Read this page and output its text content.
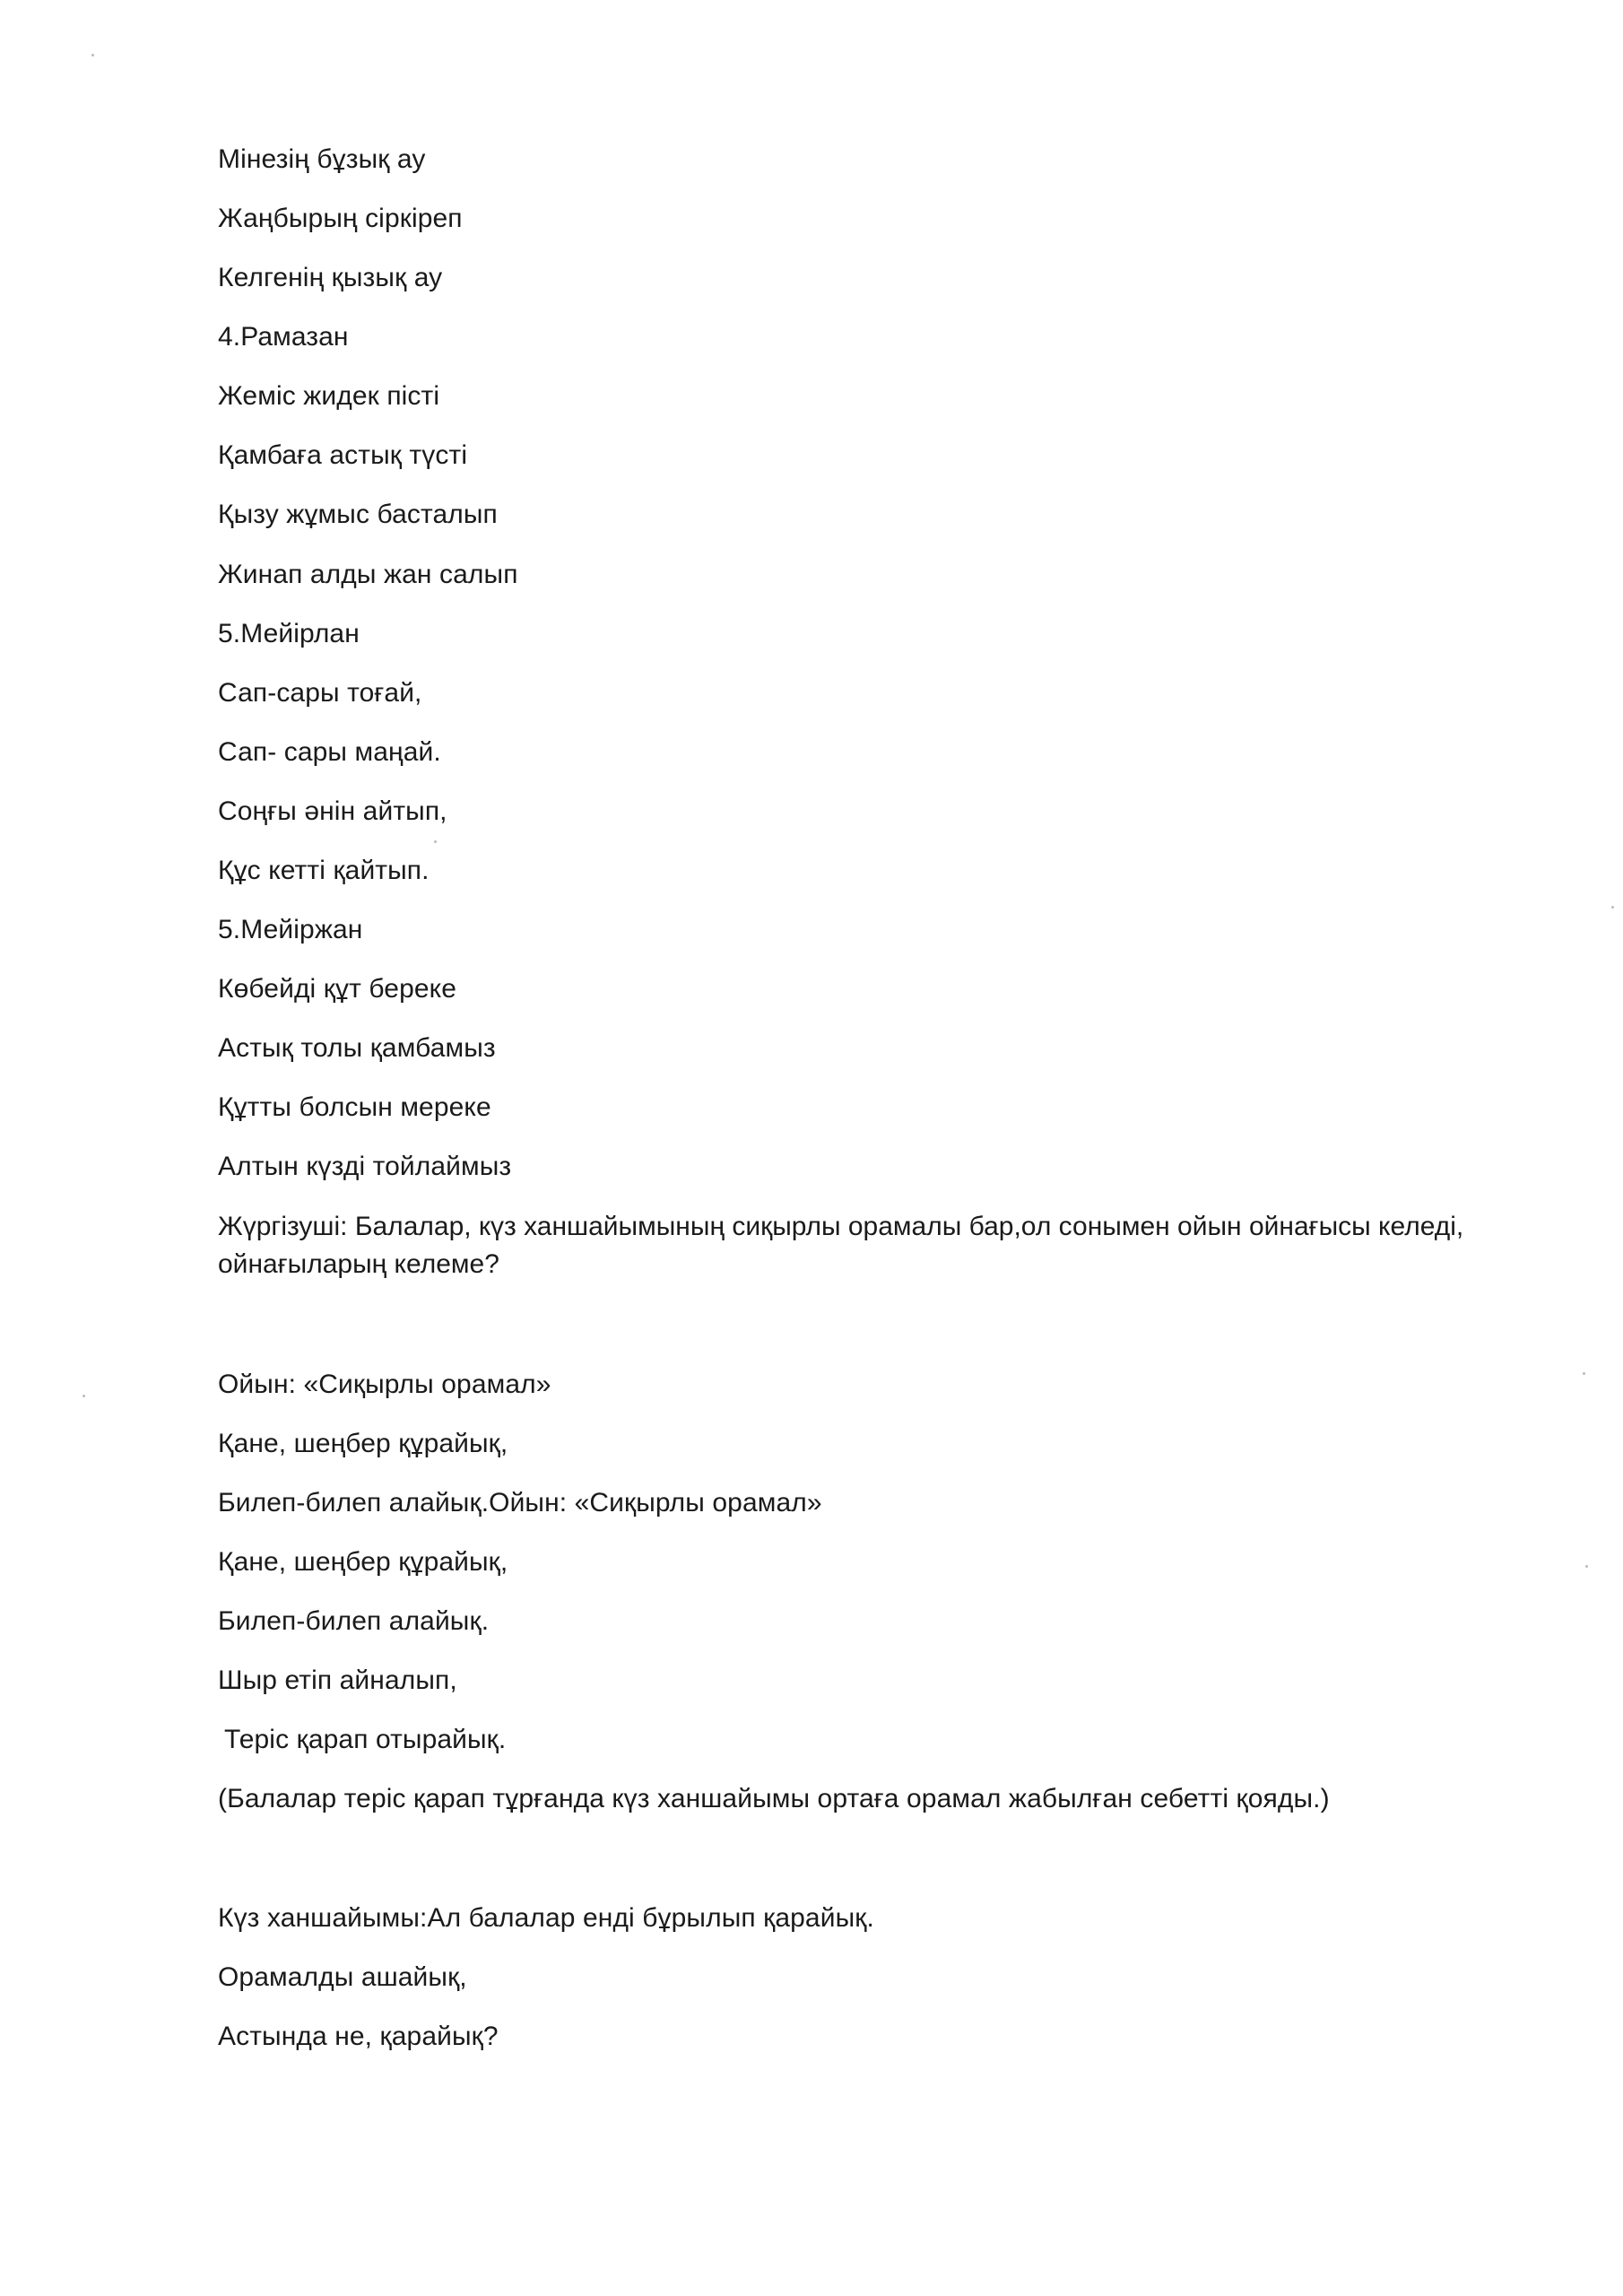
Мінезің бұзық ау

Жаңбырың сіркіреп

Келгенің қызық ау

4.Рамазан

Жеміс жидек пісті

Қамбаға астық түсті

Қызу жұмыс басталып

Жинап алды жан салып

5.Мейірлан

Сап-сары тоғай,

Сап- сары маңай.

Соңғы әнін айтып,

Құс кетті қайтып.

5.Мейіржан

Көбейді құт береке

Астық толы қамбамыз

Құтты болсын мереке

Алтын күзді тойлаймыз

Жүргізуші: Балалар, күз ханшайымының сиқырлы орамалы бар,ол сонымен ойын ойнағысы келеді, ойнағыларың келеме?

Ойын: «Сиқырлы орамал»

Қане, шеңбер құрайық,

Билеп-билеп алайық.Ойын: «Сиқырлы орамал»

Қане, шеңбер құрайық,

Билеп-билеп алайық.

Шыр етіп айналып,

Теріс қарап отырайық.

(Балалар теріс қарап тұрғанда күз ханшайымы ортаға орамал жабылған себетті қояды.)

Күз ханшайымы:Ал балалар енді бұрылып қарайық.

Орамалды ашайық,

Астында не, қарайық?
